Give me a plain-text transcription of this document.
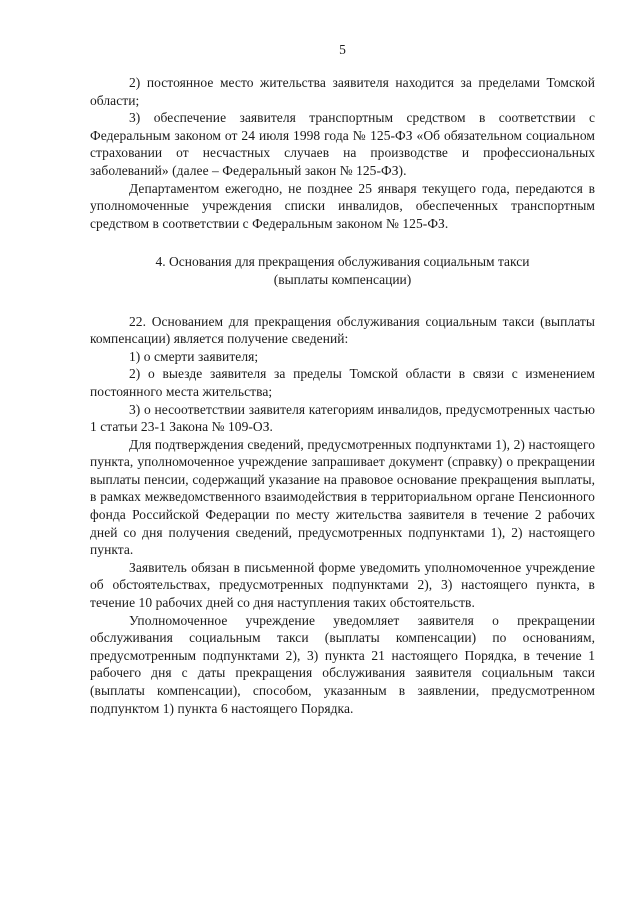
5

2) постоянное место жительства заявителя находится за пределами Томской области;

3) обеспечение заявителя транспортным средством в соответствии с Федеральным законом от 24 июля 1998 года № 125-ФЗ «Об обязательном социальном страховании от несчастных случаев на производстве и профессиональных заболеваний» (далее – Федеральный закон № 125-ФЗ).

Департаментом ежегодно, не позднее 25 января текущего года, передаются в уполномоченные учреждения списки инвалидов, обеспеченных транспортным средством в соответствии с Федеральным законом № 125-ФЗ.

4. Основания для прекращения обслуживания социальным такси

(выплаты компенсации)

22. Основанием для прекращения обслуживания социальным такси (выплаты компенсации) является получение сведений:

1) о смерти заявителя;

2) о выезде заявителя за пределы Томской области в связи с изменением постоянного места жительства;

3) о несоответствии заявителя категориям инвалидов, предусмотренных частью 1 статьи 23-1 Закона № 109-ОЗ.

Для подтверждения сведений, предусмотренных подпунктами 1), 2) настоящего пункта, уполномоченное учреждение запрашивает документ (справку) о прекращении выплаты пенсии, содержащий указание на правовое основание прекращения выплаты, в рамках межведомственного взаимодействия в территориальном органе Пенсионного фонда Российской Федерации по месту жительства заявителя в течение 2 рабочих дней со дня получения сведений, предусмотренных подпунктами 1), 2) настоящего пункта.

Заявитель обязан в письменной форме уведомить уполномоченное учреждение об обстоятельствах, предусмотренных подпунктами 2), 3) настоящего пункта, в течение 10 рабочих дней со дня наступления таких обстоятельств.

Уполномоченное учреждение уведомляет заявителя о прекращении обслуживания социальным такси (выплаты компенсации) по основаниям, предусмотренным подпунктами 2), 3) пункта 21 настоящего Порядка, в течение 1 рабочего дня с даты прекращения обслуживания заявителя социальным такси (выплаты компенсации), способом, указанным в заявлении, предусмотренном подпунктом 1) пункта 6 настоящего Порядка.
